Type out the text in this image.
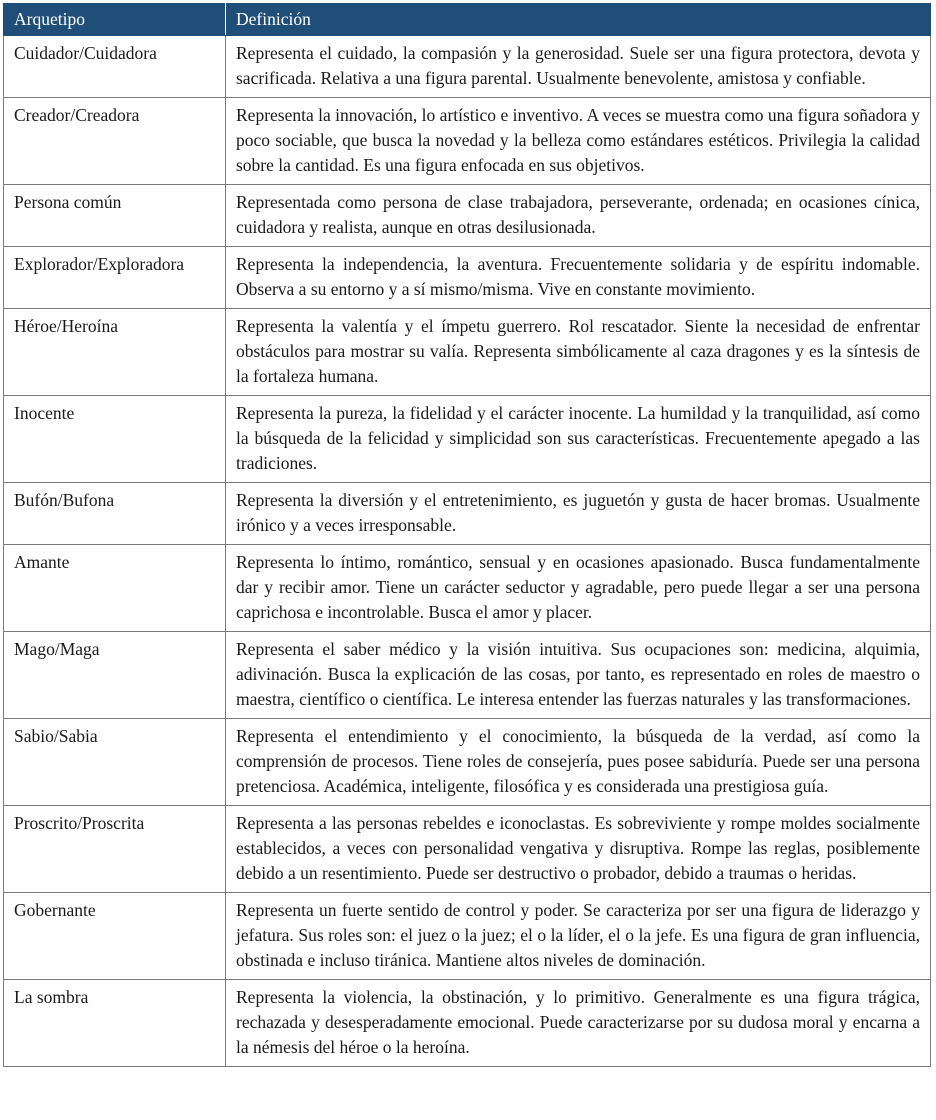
Arquetipo	Definición
Cuidador/Cuidadora	Representa el cuidado, la compasión y la generosidad. Suele ser una figura protectora, devota y sacrificada. Relativa a una figura parental. Usualmente benevolente, amistosa y confiable.
Creador/Creadora	Representa la innovación, lo artístico e inventivo. A veces se muestra como una figura soñadora y poco sociable, que busca la novedad y la belleza como estándares estéticos. Privilegia la calidad sobre la cantidad. Es una figura enfocada en sus objetivos.
Persona común	Representada como persona de clase trabajadora, perseverante, ordenada; en ocasiones cínica, cuidadora y realista, aunque en otras desilusionada.
Explorador/Exploradora	Representa la independencia, la aventura. Frecuentemente solidaria y de espíritu indomable. Observa a su entorno y a sí mismo/misma. Vive en constante movimiento.
Héroe/Heroína	Representa la valentía y el ímpetu guerrero. Rol rescatador. Siente la necesidad de enfrentar obstáculos para mostrar su valía. Representa simbólicamente al caza dragones y es la síntesis de la fortaleza humana.
Inocente	Representa la pureza, la fidelidad y el carácter inocente. La humildad y la tranquilidad, así como la búsqueda de la felicidad y simplicidad son sus características. Frecuentemente apegado a las tradiciones.
Bufón/Bufona	Representa la diversión y el entretenimiento, es juguetón y gusta de hacer bromas. Usualmente irónico y a veces irresponsable.
Amante	Representa lo íntimo, romántico, sensual y en ocasiones apasionado. Busca fundamentalmente dar y recibir amor. Tiene un carácter seductor y agradable, pero puede llegar a ser una persona caprichosa e incontrolable. Busca el amor y placer.
Mago/Maga	Representa el saber médico y la visión intuitiva. Sus ocupaciones son: medicina, alquimia, adivinación. Busca la explicación de las cosas, por tanto, es representado en roles de maestro o maestra, científico o científica. Le interesa entender las fuerzas naturales y las transformaciones.
Sabio/Sabia	Representa el entendimiento y el conocimiento, la búsqueda de la verdad, así como la comprensión de procesos. Tiene roles de consejería, pues posee sabiduría. Puede ser una persona pretenciosa. Académica, inteligente, filosófica y es considerada una prestigiosa guía.
Proscrito/Proscrita	Representa a las personas rebeldes e iconoclastas. Es sobreviviente y rompe moldes socialmente establecidos, a veces con personalidad vengativa y disruptiva. Rompe las reglas, posiblemente debido a un resentimiento. Puede ser destructivo o probador, debido a traumas o heridas.
Gobernante	Representa un fuerte sentido de control y poder. Se caracteriza por ser una figura de liderazgo y jefatura. Sus roles son: el juez o la juez; el o la líder, el o la jefe. Es una figura de gran influencia, obstinada e incluso tiránica. Mantiene altos niveles de dominación.
La sombra	Representa la violencia, la obstinación, y lo primitivo. Generalmente es una figura trágica, rechazada y desesperadamente emocional. Puede caracterizarse por su dudosa moral y encarna a la némesis del héroe o la heroína.
